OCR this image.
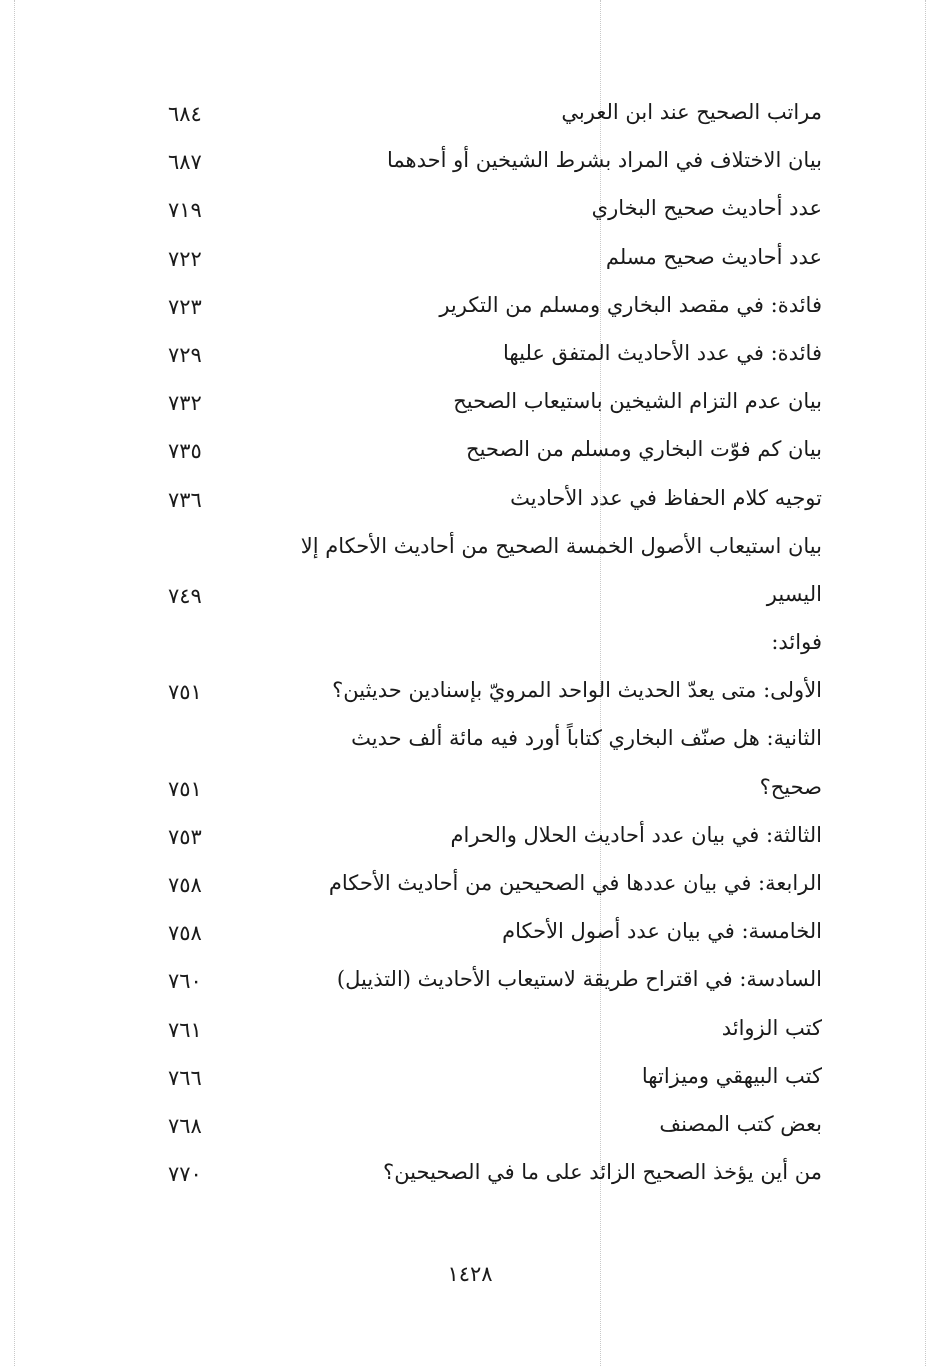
مراتب الصحيح عند ابن العربي
٦٨٤
بيان الاختلاف في المراد بشرط الشيخين أو أحدهما
٦٨٧
عدد أحاديث صحيح البخاري
٧١٩
عدد أحاديث صحيح مسلم
٧٢٢
فائدة: في مقصد البخاري ومسلم من التكرير
٧٢٣
فائدة: في عدد الأحاديث المتفق عليها
٧٢٩
بيان عدم التزام الشيخين باستيعاب الصحيح
٧٣٢
بيان كم فوّت البخاري ومسلم من الصحيح
٧٣٥
توجيه كلام الحفاظ في عدد الأحاديث
٧٣٦
بيان استيعاب الأصول الخمسة الصحيح من أحاديث الأحكام إلا
اليسير
٧٤٩
فوائد:
الأولى: متى يعدّ الحديث الواحد المرويّ بإسنادين حديثين؟
٧٥١
الثانية: هل صنّف البخاري كتاباً أورد فيه مائة ألف حديث
صحيح؟
٧٥١
الثالثة: في بيان عدد أحاديث الحلال والحرام
٧٥٣
الرابعة: في بيان عددها في الصحيحين من أحاديث الأحكام
٧٥٨
الخامسة: في بيان عدد أصول الأحكام
٧٥٨
السادسة: في اقتراح طريقة لاستيعاب الأحاديث (التذييل)
٧٦٠
كتب الزوائد
٧٦١
كتب البيهقي وميزاتها
٧٦٦
بعض كتب المصنف
٧٦٨
من أين يؤخذ الصحيح الزائد على ما في الصحيحين؟
٧٧٠
١٤٢٨
